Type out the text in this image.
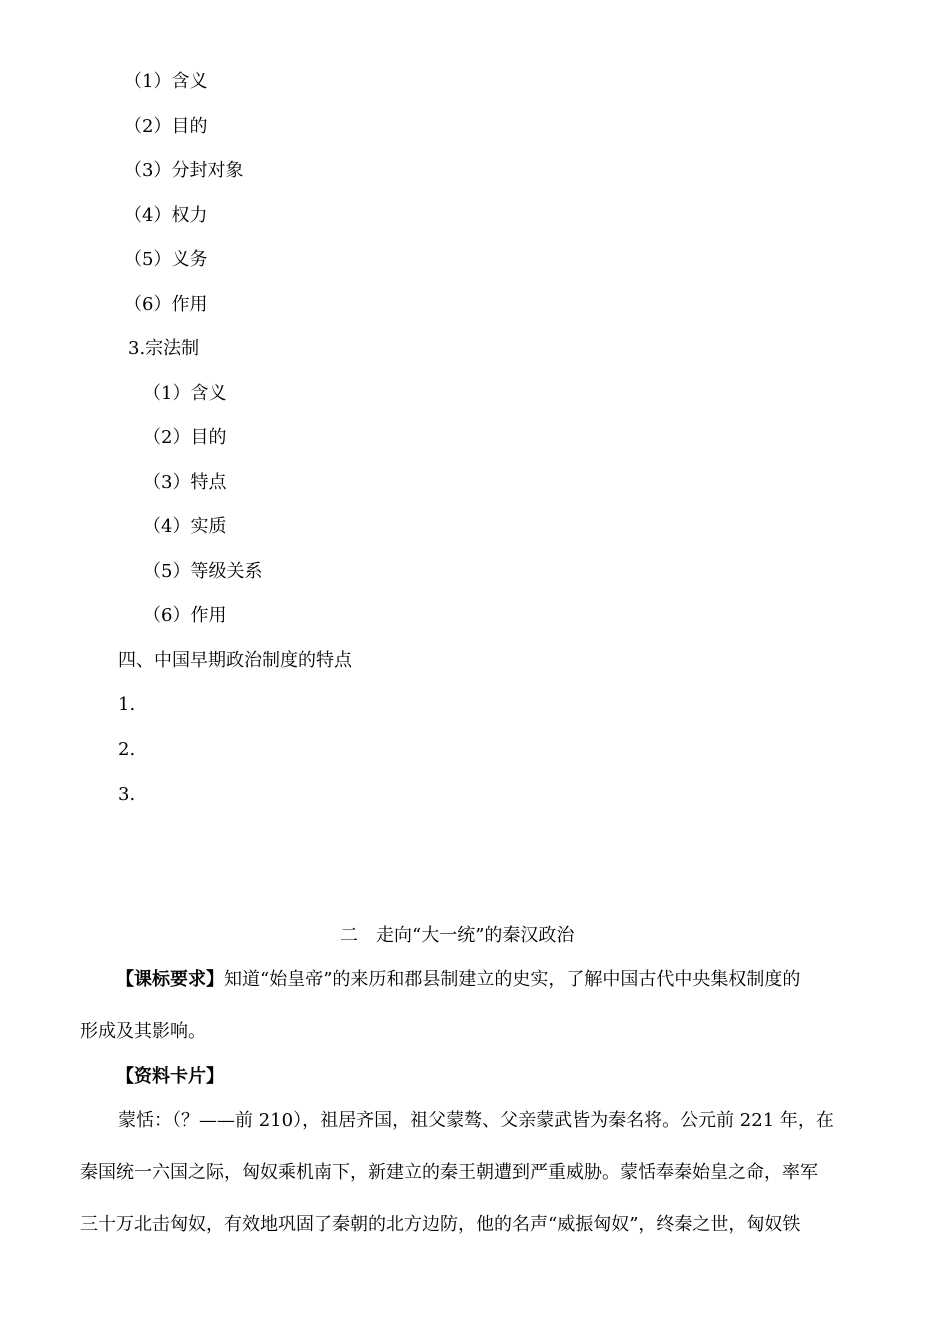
（1）含义
（2）目的
（3）分封对象
（4）权力
（5）义务
（6）作用
3.宗法制
（1）含义
（2）目的
（3）特点
（4）实质
（5）等级关系
（6）作用
四、中国早期政治制度的特点
1.
2.
3.
二　走向“大一统”的秦汉政治
【课标要求】知道“始皇帝”的来历和郡县制建立的史实，了解中国古代中央集权制度的
形成及其影响。
【资料卡片】
蒙恬：（？——前 210），祖居齐国，祖父蒙骜、父亲蒙武皆为秦名将。公元前 221 年，在
秦国统一六国之际，匈奴乘机南下，新建立的秦王朝遭到严重威胁。蒙恬奉秦始皇之命，率军
三十万北击匈奴，有效地巩固了秦朝的北方边防，他的名声“威振匈奴”，终秦之世，匈奴铁
